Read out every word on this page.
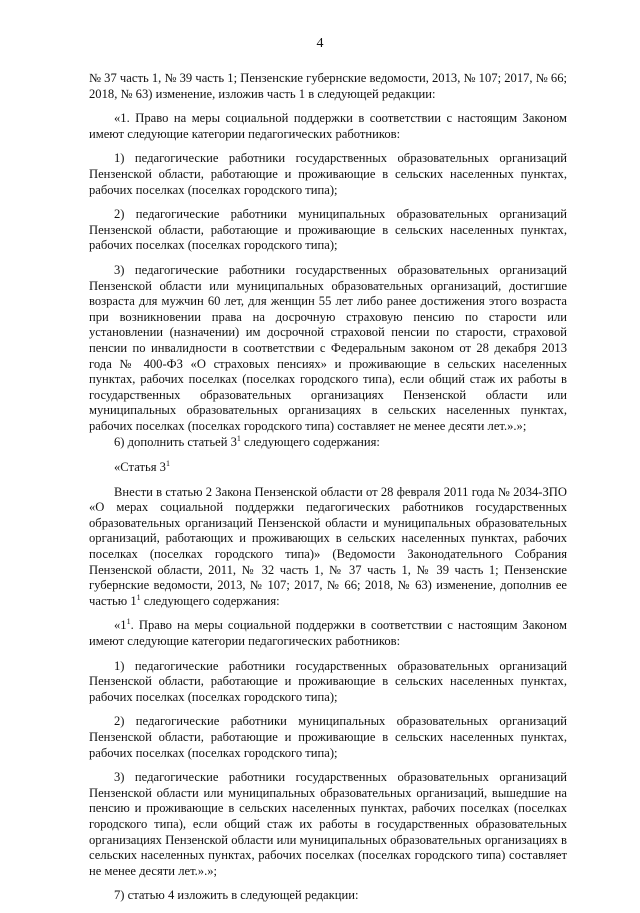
4

№ 37 часть 1, № 39 часть 1; Пензенские губернские ведомости, 2013, № 107; 2017, № 66; 2018, № 63) изменение, изложив часть 1 в следующей редакции:

«1. Право на меры социальной поддержки в соответствии с настоящим Законом имеют следующие категории педагогических работников:

1) педагогические работники государственных образовательных организаций Пензенской области, работающие и проживающие в сельских населенных пунктах, рабочих поселках (поселках городского типа);

2) педагогические работники муниципальных образовательных организаций Пензенской области, работающие и проживающие в сельских населенных пунктах, рабочих поселках (поселках городского типа);

3) педагогические работники государственных образовательных организаций Пензенской области или муниципальных образовательных организаций, достигшие возраста для мужчин 60 лет, для женщин 55 лет либо ранее достижения этого возраста при возникновении права на досрочную страховую пенсию по старости или установлении (назначении) им досрочной страховой пенсии по старости, страховой пенсии по инвалидности в соответствии с Федеральным законом от 28 декабря 2013 года № 400-ФЗ «О страховых пенсиях» и проживающие в сельских населенных пунктах, рабочих поселках (поселках городского типа), если общий стаж их работы в государственных образовательных организациях Пензенской области или муниципальных образовательных организациях в сельских населенных пунктах, рабочих поселках (поселках городского типа) составляет не менее десяти лет.».»;

6) дополнить статьей $3^1$ следующего содержания:

«Статья $3^1$

Внести в статью 2 Закона Пензенской области от 28 февраля 2011 года № 2034-ЗПО «О мерах социальной поддержки педагогических работников государственных образовательных организаций Пензенской области и муниципальных образовательных организаций, работающих и проживающих в сельских населенных пунктах, рабочих поселках (поселках городского типа)» (Ведомости Законодательного Собрания Пензенской области, 2011, № 32 часть 1, № 37 часть 1, № 39 часть 1; Пензенские губернские ведомости, 2013, № 107; 2017, № 66; 2018, № 63) изменение, дополнив ее частью $1^1$ следующего содержания:

«$1^1$. Право на меры социальной поддержки в соответствии с настоящим Законом имеют следующие категории педагогических работников:

1) педагогические работники государственных образовательных организаций Пензенской области, работающие и проживающие в сельских населенных пунктах, рабочих поселках (поселках городского типа);

2) педагогические работники муниципальных образовательных организаций Пензенской области, работающие и проживающие в сельских населенных пунктах, рабочих поселках (поселках городского типа);

3) педагогические работники государственных образовательных организаций Пензенской области или муниципальных образовательных организаций, вышедшие на пенсию и проживающие в сельских населенных пунктах, рабочих поселках (поселках городского типа), если общий стаж их работы в государственных образовательных организациях Пензенской области или муниципальных образовательных организациях в сельских населенных пунктах, рабочих поселках (поселках городского типа) составляет не менее десяти лет.».»;

7) статью 4 изложить в следующей редакции:
